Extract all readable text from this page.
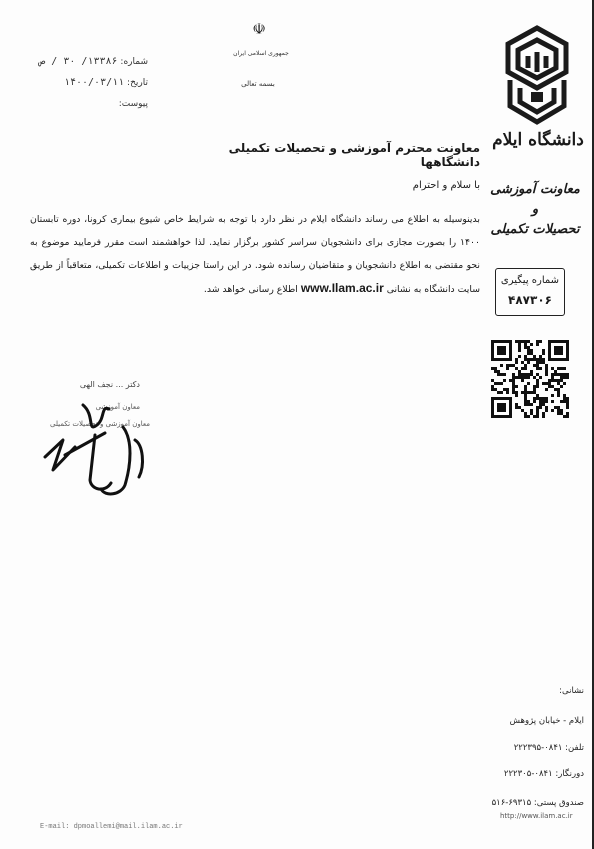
☫
جمهوری اسلامی ایران
بسمه تعالی
شماره: ۱۳۳۸۶/ ۳۰ / ص
تاریخ: ۱۴۰۰/۰۳/۱۱
پیوست:
دانشگاه ایلام
معاونت آموزشی و
تحصیلات تکمیلی
شماره پیگیری
۴۸۷۳۰۶
معاونت محترم آموزشی و تحصیلات تکمیلی دانشگاهها
با سلام و احترام
بدینوسیله به اطلاع می رساند دانشگاه ایلام در نظر دارد با توجه به شرایط خاص شیوع بیماری کرونا، دوره تابستان ۱۴۰۰ را بصورت مجازی برای دانشجویان سراسر کشور برگزار نماید. لذا خواهشمند است مقرر فرمایید موضوع به نحو مقتضی به اطلاع دانشجویان و متقاضیان رسانده شود. در این راستا جزییات و اطلاعات تکمیلی، متعاقباً از طریق سایت دانشگاه به نشانی www.Ilam.ac.ir اطلاع رسانی خواهد شد.
دکتر ... نجف الهی
معاون آموزشی
معاون آموزشی و تحصیلات تکمیلی
نشانی:
ایلام - خیابان پژوهش
تلفن: ۰۸۴۱-۲۲۲۳۹۵
دورنگار: ۰۸۴۱-۲۲۲۳۰۵
صندوق پستی: ۶۹۳۱۵-۵۱۶
http://www.ilam.ac.ir
E-mail: dpmoallemi@mail.ilam.ac.ir
